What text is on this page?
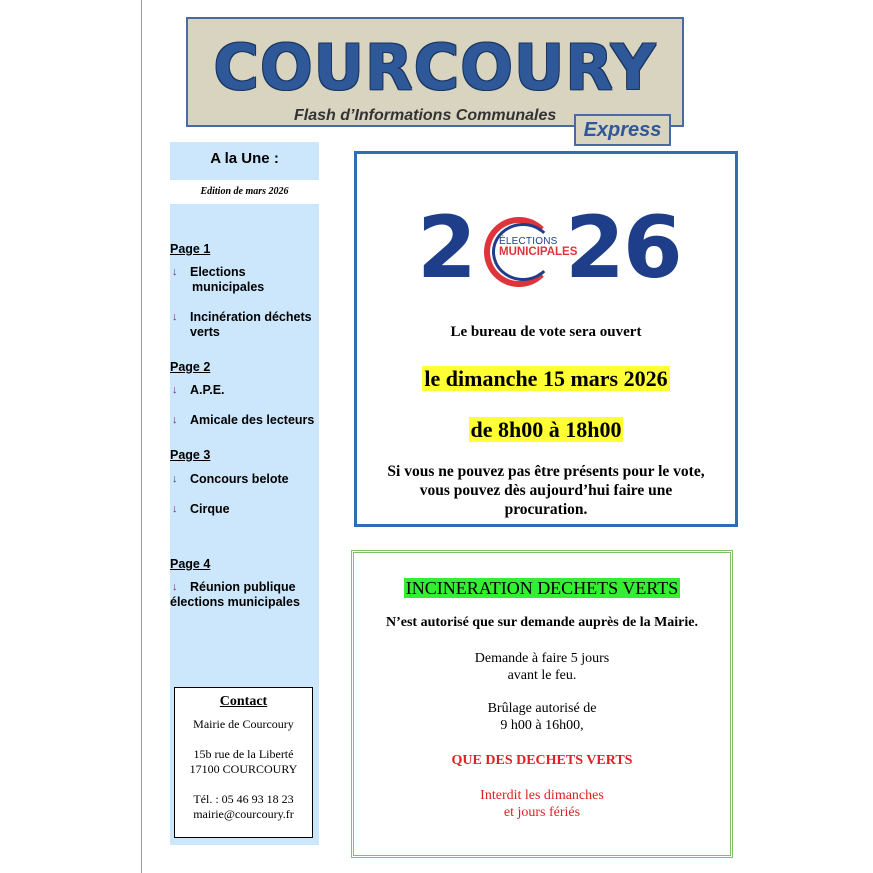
COURCOURY
Flash d’Informations Communales
Express
A la Une :
Edition de mars 2026
Page 1
↓	Elections
municipales
↓	Incinération déchets
verts
Page 2
↓	A.P.E.
↓	Amicale des lecteurs
Page 3
↓	Concours belote
↓	Cirque
Page 4
↓	Réunion publique
élections municipales
Contact
Mairie de Courcoury
15b rue de la Liberté
17100 COURCOURY
Tél. : 05 46 93 18 23
mairie@courcoury.fr
2 ÉLECTIONS
MUNICIPALES
26
Le bureau de vote sera ouvert
le dimanche 15 mars 2026
de 8h00 à 18h00
Si vous ne pouvez pas être présents pour le vote,
vous pouvez dès aujourd’hui faire une
procuration.
INCINERATION DECHETS VERTS
N’est autorisé que sur demande auprès de la Mairie.
Demande à faire 5 jours
avant le feu.
Brûlage autorisé de
9 h00 à 16h00,
QUE DES DECHETS VERTS
Interdit les dimanches
et jours fériés
